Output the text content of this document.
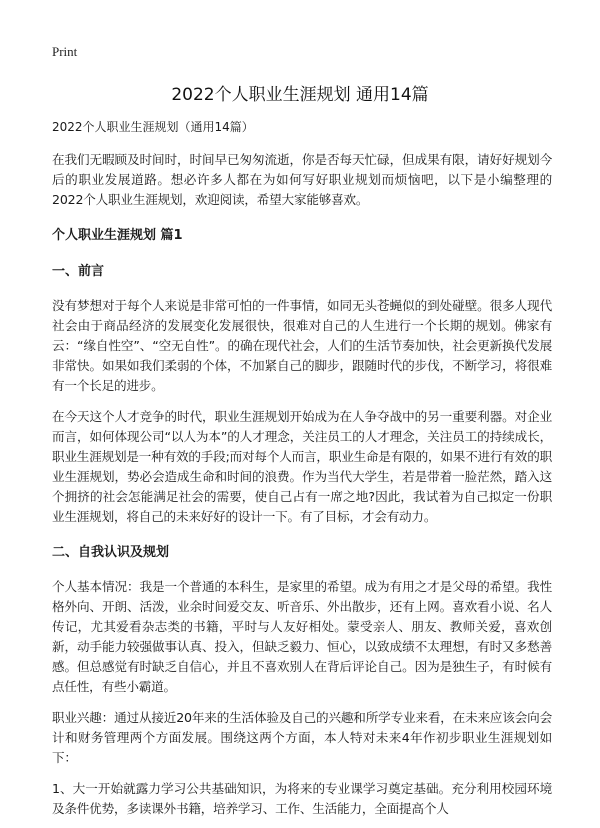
Print
2022个人职业生涯规划 通用14篇
2022个人职业生涯规划（通用14篇）

在我们无暇顾及时间时，时间早已匆匆流逝，你是否每天忙碌，但成果有限，请好好规划今后的职业发展道路。想必许多人都在为如何写好职业规划而烦恼吧，以下是小编整理的2022个人职业生涯规划，欢迎阅读，希望大家能够喜欢。

个人职业生涯规划 篇1
一、前言

没有梦想对于每个人来说是非常可怕的一件事情，如同无头苍蝇似的到处碰壁。很多人现代社会由于商品经济的发展变化发展很快，很难对自己的人生进行一个长期的规划。佛家有云：“缘自性空”、“空无自性”。的确在现代社会，人们的生活节奏加快，社会更新换代发展非常快。如果如我们柔弱的个体，不加紧自己的脚步，跟随时代的步伐，不断学习，将很难有一个长足的进步。

在今天这个人才竞争的时代，职业生涯规划开始成为在人争夺战中的另一重要利器。对企业而言，如何体现公司“以人为本”的人才理念，关注员工的人才理念，关注员工的持续成长，职业生涯规划是一种有效的手段;而对每个人而言，职业生命是有限的，如果不进行有效的职业生涯规划，势必会造成生命和时间的浪费。作为当代大学生，若是带着一脸茫然，踏入这个拥挤的社会怎能满足社会的需要，使自己占有一席之地?因此，我试着为自己拟定一份职业生涯规划，将自己的未来好好的设计一下。有了目标，才会有动力。

二、自我认识及规划

个人基本情况：我是一个普通的本科生，是家里的希望。成为有用之才是父母的希望。我性格外向、开朗、活泼，业余时间爱交友、听音乐、外出散步，还有上网。喜欢看小说、名人传记，尤其爱看杂志类的书籍，平时与人友好相处。蒙受亲人、朋友、教师关爱，喜欢创新，动手能力较强做事认真、投入，但缺乏毅力、恒心，以致成绩不太理想，有时又多愁善感。但总感觉有时缺乏自信心，并且不喜欢别人在背后评论自己。因为是独生子，有时候有点任性，有些小霸道。

职业兴趣：通过从接近20年来的生活体验及自己的兴趣和所学专业来看，在未来应该会向会计和财务管理两个方面发展。围绕这两个方面，本人特对未来4年作初步职业生涯规划如下：

1、大一开始就露力学习公共基础知识，为将来的专业课学习奠定基础。充分利用校园环境及条件优势，多读课外书籍，培养学习、工作、生活能力，全面提高个人
